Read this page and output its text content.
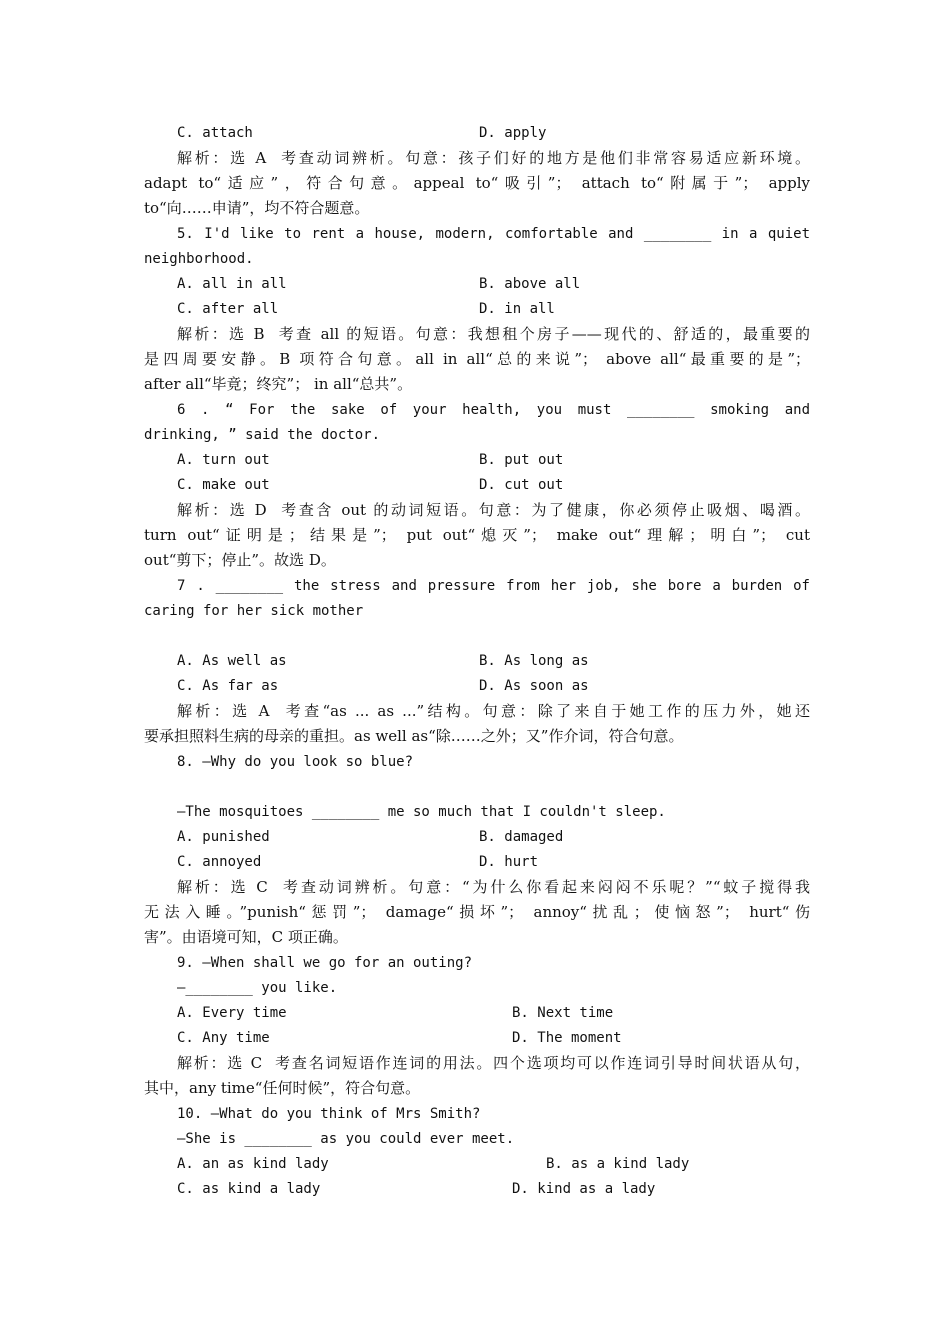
C. attach	D. apply
解析：选 A  考查动词辨析。句意：孩子们好的地方是他们非常容易适应新环境。
adapt to“适应”，符合句意。appeal to“吸引”； attach to“附属于”； apply
to“向……申请”，均不符合题意。
5. I'd like to rent a house, modern, comfortable and ________ in a quiet
neighborhood.
A. all in all	B. above all
C. after all	D. in all
解析：选 B  考查 all 的短语。句意：我想租个房子——现代的、舒适的，最重要的
是四周要安静。B 项符合句意。all in all“总的来说”； above all“最重要的是”；
after all“毕竟；终究”； in all“总共”。
6 . “ For the sake of your health, you must ________ smoking and
drinking, ” said the doctor.
A. turn out	B. put out
C. make out	D. cut out
解析：选 D  考查含 out 的动词短语。句意：为了健康，你必须停止吸烟、喝酒。
turn out“证明是；结果是”； put out“熄灭”； make out“理解；明白”； cut
out“剪下；停止”。故选 D。
7 . ________ the stress and pressure from her job, she bore a burden of
caring for her sick mother
A. As well as	B. As long as
C. As far as	D. As soon as
解析：选 A  考查“as ... as ...”结构。句意：除了来自于她工作的压力外，她还
要承担照料生病的母亲的重担。as well as“除……之外；又”作介词，符合句意。
8. —Why do you look so blue?
—The mosquitoes ________ me so much that I couldn't sleep.
A. punished	B. damaged
C. annoyed	D. hurt
解析：选 C  考查动词辨析。句意：“为什么你看起来闷闷不乐呢？”“蚊子搅得我
无法入睡。”punish“惩罚”； damage“损坏”； annoy“扰乱；使恼怒”； hurt“伤
害”。由语境可知，C 项正确。
9. —When shall we go for an outing?
—________ you like.
A. Every time	B. Next time
C. Any time	D. The moment
解析：选 C  考查名词短语作连词的用法。四个选项均可以作连词引导时间状语从句，
其中，any time“任何时候”，符合句意。
10. —What do you think of Mrs Smith?
—She is ________ as you could ever meet.
A. an as kind lady	B. as a kind lady
C. as kind a lady	D. kind as a lady
